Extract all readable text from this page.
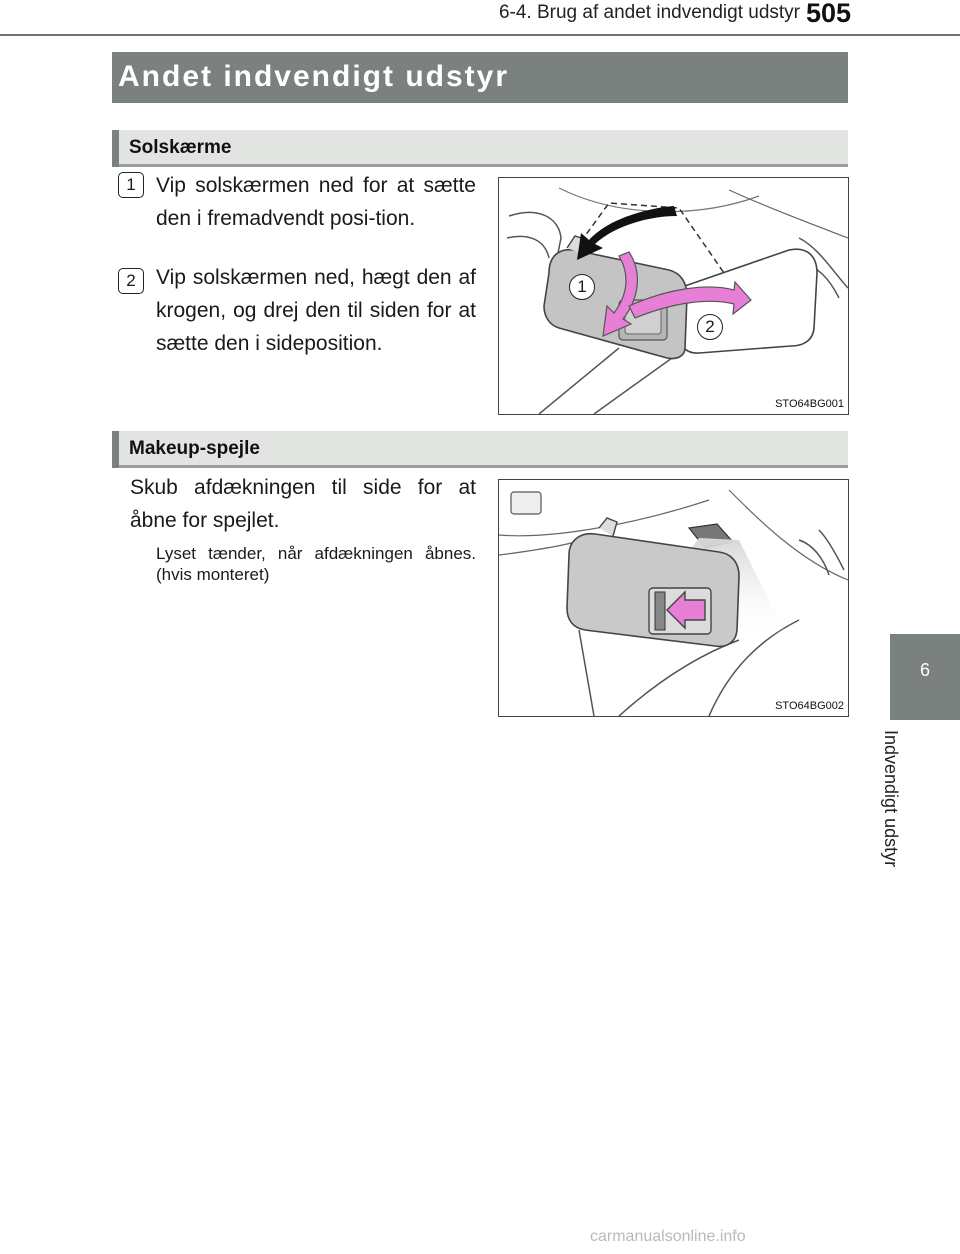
6-4. Brug af andet indvendigt udstyr 505
Andet indvendigt udstyr
Solskærme
1 Vip solskærmen ned for at sætte den i fremadvendt posi-tion.
2 Vip solskærmen ned, hægt den af krogen, og drej den til siden for at sætte den i sideposition.
1
2
STO64BG001
Makeup-spejle
Skub afdækningen til side for at åbne for spejlet.
Lyset tænder, når afdækningen åbnes. (hvis monteret)
STO64BG002
6
Indvendigt udstyr
carmanualsonline.info
